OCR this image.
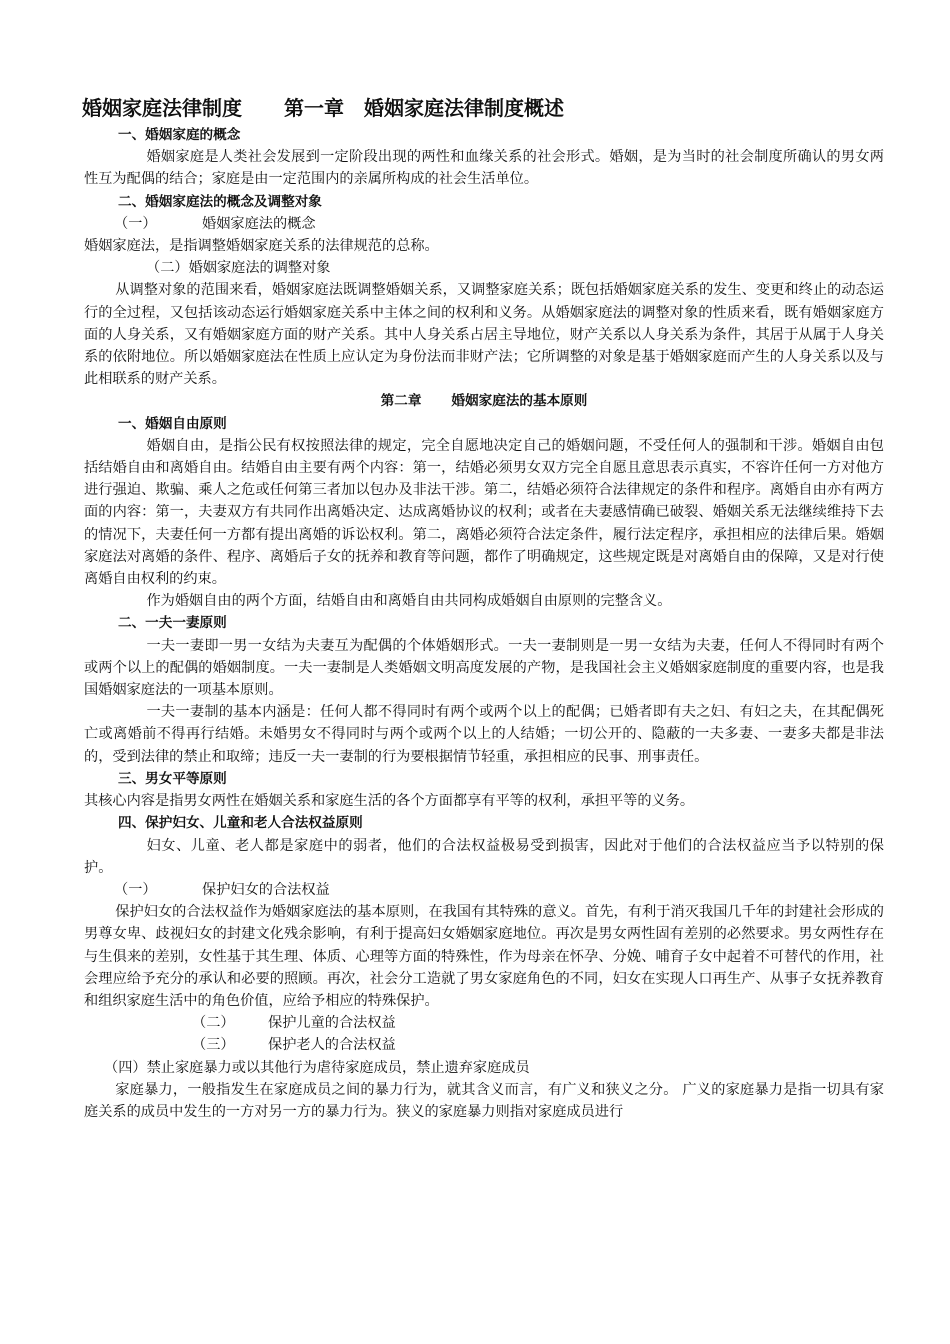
婚姻家庭法律制度 第一章　婚姻家庭法律制度概述

一、婚姻家庭的概念

婚姻家庭是人类社会发展到一定阶段出现的两性和血缘关系的社会形式。婚姻，是为当时的社会制度所确认的男女两性互为配偶的结合；家庭是由一定范围内的亲属所构成的社会生活单位。

二、婚姻家庭法的概念及调整对象

（一）	婚姻家庭法的概念

婚姻家庭法，是指调整婚姻家庭关系的法律规范的总称。

（二）婚姻家庭法的调整对象

从调整对象的范围来看，婚姻家庭法既调整婚姻关系，又调整家庭关系；既包括婚姻家庭关系的发生、变更和终止的动态运行的全过程，又包括该动态运行婚姻家庭关系中主体之间的权利和义务。从婚姻家庭法的调整对象的性质来看，既有婚姻家庭方面的人身关系，又有婚姻家庭方面的财产关系。其中人身关系占居主导地位，财产关系以人身关系为条件，其居于从属于人身关系的依附地位。所以婚姻家庭法在性质上应认定为身份法而非财产法；它所调整的对象是基于婚姻家庭而产生的人身关系以及与此相联系的财产关系。

第二章 婚姻家庭法的基本原则

一、婚姻自由原则

婚姻自由，是指公民有权按照法律的规定，完全自愿地决定自己的婚姻问题，不受任何人的强制和干涉。婚姻自由包括结婚自由和离婚自由。结婚自由主要有两个内容：第一，结婚必须男女双方完全自愿且意思表示真实，不容许任何一方对他方进行强迫、欺骗、乘人之危或任何第三者加以包办及非法干涉。第二，结婚必须符合法律规定的条件和程序。离婚自由亦有两方面的内容：第一，夫妻双方有共同作出离婚决定、达成离婚协议的权利；或者在夫妻感情确已破裂、婚姻关系无法继续维持下去的情况下，夫妻任何一方都有提出离婚的诉讼权利。第二，离婚必须符合法定条件，履行法定程序，承担相应的法律后果。婚姻家庭法对离婚的条件、程序、离婚后子女的抚养和教育等问题，都作了明确规定，这些规定既是对离婚自由的保障，又是对行使离婚自由权利的约束。

作为婚姻自由的两个方面，结婚自由和离婚自由共同构成婚姻自由原则的完整含义。

二、一夫一妻原则

一夫一妻即一男一女结为夫妻互为配偶的个体婚姻形式。一夫一妻制则是一男一女结为夫妻，任何人不得同时有两个或两个以上的配偶的婚姻制度。一夫一妻制是人类婚姻文明高度发展的产物，是我国社会主义婚姻家庭制度的重要内容，也是我国婚姻家庭法的一项基本原则。

一夫一妻制的基本内涵是：任何人都不得同时有两个或两个以上的配偶；已婚者即有夫之妇、有妇之夫，在其配偶死亡或离婚前不得再行结婚。未婚男女不得同时与两个或两个以上的人结婚；一切公开的、隐蔽的一夫多妻、一妻多夫都是非法的，受到法律的禁止和取缔；违反一夫一妻制的行为要根据情节轻重，承担相应的民事、刑事责任。

三、男女平等原则

其核心内容是指男女两性在婚姻关系和家庭生活的各个方面都享有平等的权利，承担平等的义务。

四、保护妇女、儿童和老人合法权益原则

妇女、儿童、老人都是家庭中的弱者，他们的合法权益极易受到损害，因此对于他们的合法权益应当予以特别的保护。

（一）	保护妇女的合法权益

保护妇女的合法权益作为婚姻家庭法的基本原则，在我国有其特殊的意义。首先，有利于消灭我国几千年的封建社会形成的男尊女卑、歧视妇女的封建文化残余影响，有利于提高妇女婚姻家庭地位。再次是男女两性固有差别的必然要求。男女两性存在与生俱来的差别，女性基于其生理、体质、心理等方面的特殊性，作为母亲在怀孕、分娩、哺育子女中起着不可替代的作用，社会理应给予充分的承认和必要的照顾。再次，社会分工造就了男女家庭角色的不同，妇女在实现人口再生产、从事子女抚养教育和组织家庭生活中的角色价值，应给予相应的特殊保护。

（二） 保护儿童的合法权益

（三） 保护老人的合法权益

（四）禁止家庭暴力或以其他行为虐待家庭成员，禁止遗弃家庭成员

家庭暴力，一般指发生在家庭成员之间的暴力行为，就其含义而言，有广义和狭义之分。 广义的家庭暴力是指一切具有家庭关系的成员中发生的一方对另一方的暴力行为。狭义的家庭暴力则指对家庭成员进行
